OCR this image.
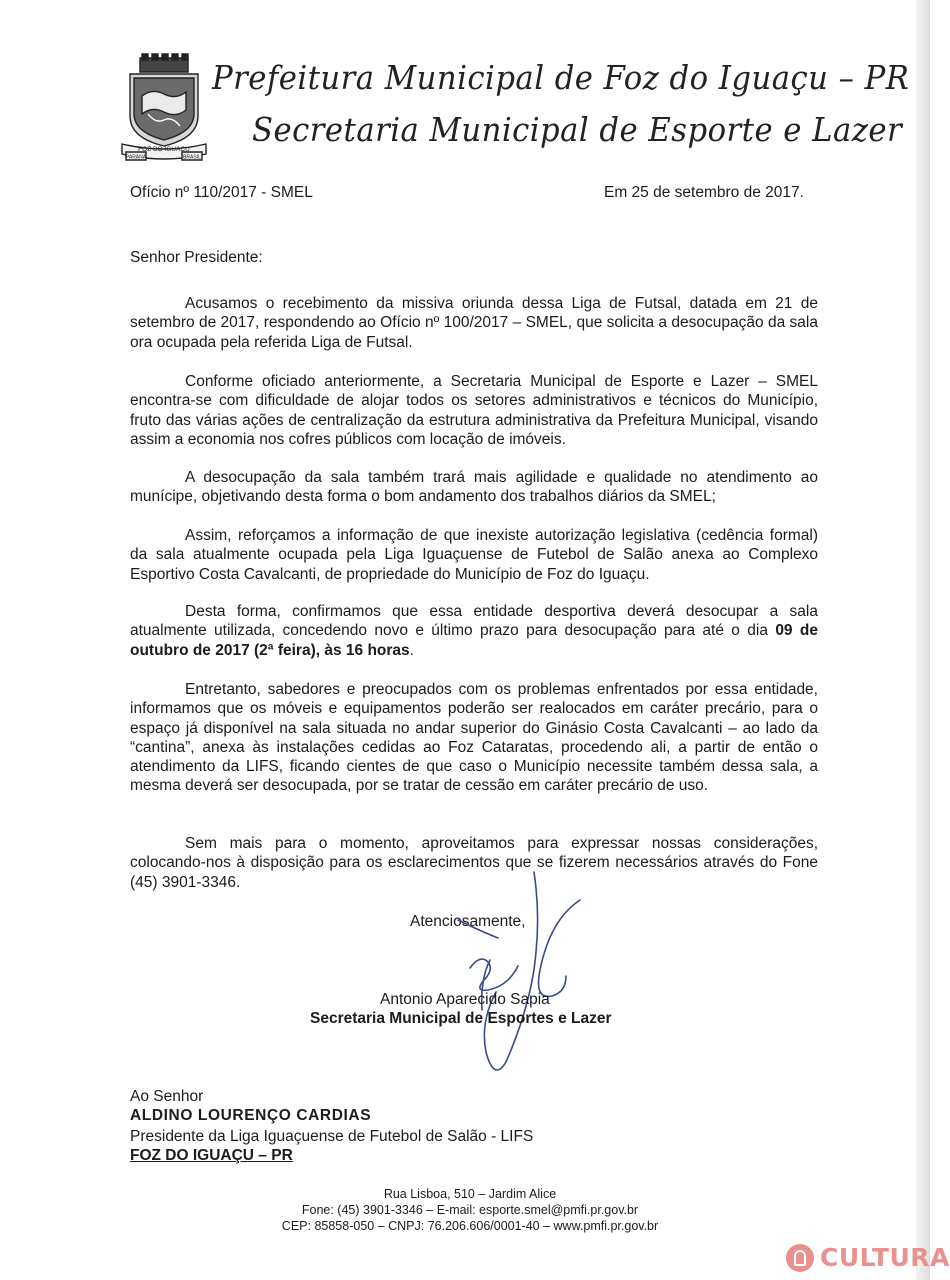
FOZ DO IGUAÇU
PARANÁ	BRASIL
Prefeitura Municipal de Foz do Iguaçu – PR
Secretaria Municipal de Esporte e Lazer
Ofício nº 110/2017 - SMEL	Em 25 de setembro de 2017.
Senhor Presidente:
Acusamos o recebimento da missiva oriunda dessa Liga de Futsal, datada em 21 de setembro de 2017, respondendo ao Ofício nº 100/2017 – SMEL, que solicita a desocupação da sala ora ocupada pela referida Liga de Futsal.
Conforme oficiado anteriormente, a Secretaria Municipal de Esporte e Lazer – SMEL encontra-se com dificuldade de alojar todos os setores administrativos e técnicos do Município, fruto das várias ações de centralização da estrutura administrativa da Prefeitura Municipal, visando assim a economia nos cofres públicos com locação de imóveis.
A desocupação da sala também trará mais agilidade e qualidade no atendimento ao munícipe, objetivando desta forma o bom andamento dos trabalhos diários da SMEL;
Assim, reforçamos a informação de que inexiste autorização legislativa (cedência formal) da sala atualmente ocupada pela Liga Iguaçuense de Futebol de Salão anexa ao Complexo Esportivo Costa Cavalcanti, de propriedade do Município de Foz do Iguaçu.
Desta forma, confirmamos que essa entidade desportiva deverá desocupar a sala atualmente utilizada, concedendo novo e último prazo para desocupação para até o dia 09 de outubro de 2017 (2ª feira), às 16 horas.
Entretanto, sabedores e preocupados com os problemas enfrentados por essa entidade, informamos que os móveis e equipamentos poderão ser realocados em caráter precário, para o espaço já disponível na sala situada no andar superior do Ginásio Costa Cavalcanti – ao lado da “cantina”, anexa às instalações cedidas ao Foz Cataratas, procedendo ali, a partir de então o atendimento da LIFS, ficando cientes de que caso o Município necessite também dessa sala, a mesma deverá ser desocupada, por se tratar de cessão em caráter precário de uso.
Sem mais para o momento, aproveitamos para expressar nossas considerações, colocando-nos à disposição para os esclarecimentos que se fizerem necessários através do Fone (45) 3901-3346.
Atenciosamente,
Antonio Aparecido Sapia
Secretaria Municipal de Esportes e Lazer
Ao Senhor
ALDINO LOURENÇO CARDIAS
Presidente da Liga Iguaçuense de Futebol de Salão - LIFS
FOZ DO IGUAÇU – PR
Rua Lisboa, 510 – Jardim Alice
Fone: (45) 3901-3346 – E-mail: esporte.smel@pmfi.pr.gov.br
CEP: 85858-050 – CNPJ: 76.206.606/0001-40 – www.pmfi.pr.gov.br
CULTURA
